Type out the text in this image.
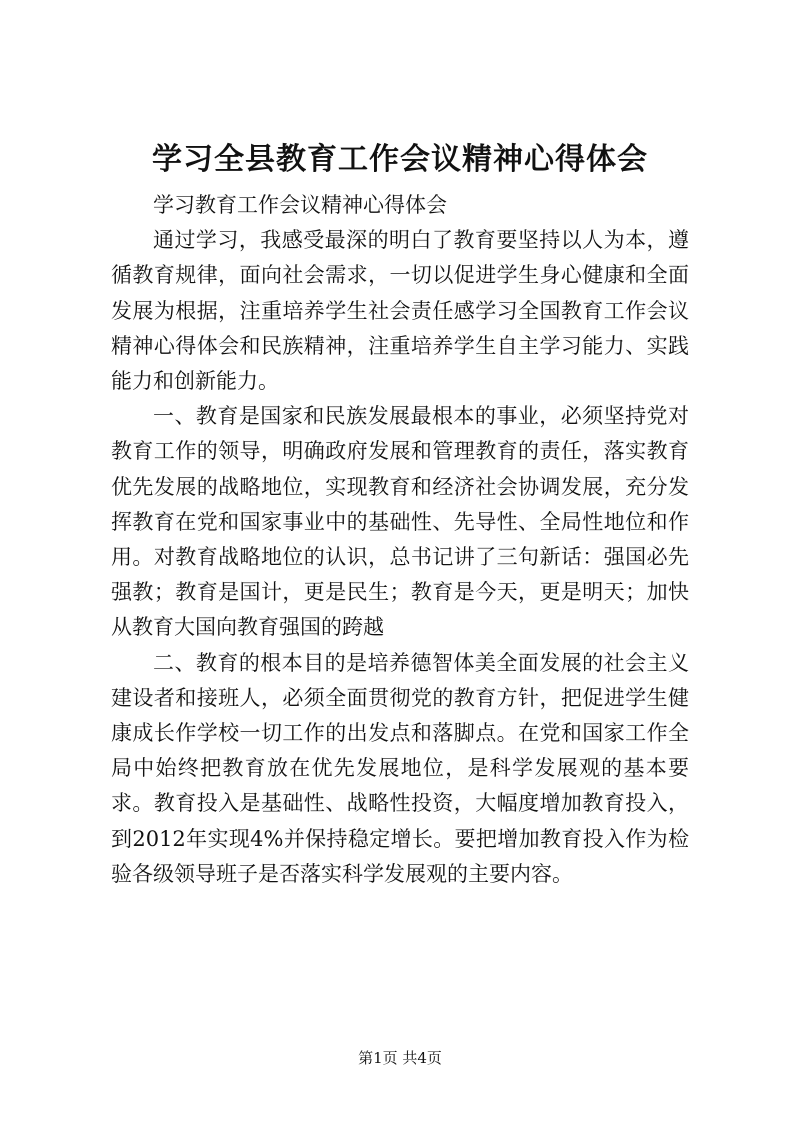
学习全县教育工作会议精神心得体会

学习教育工作会议精神心得体会

通过学习，我感受最深的明白了教育要坚持以人为本，遵循教育规律，面向社会需求，一切以促进学生身心健康和全面发展为根据，注重培养学生社会责任感学习全国教育工作会议精神心得体会和民族精神，注重培养学生自主学习能力、实践能力和创新能力。

一、教育是国家和民族发展最根本的事业，必须坚持党对教育工作的领导，明确政府发展和管理教育的责任，落实教育优先发展的战略地位，实现教育和经济社会协调发展，充分发挥教育在党和国家事业中的基础性、先导性、全局性地位和作用。对教育战略地位的认识，总书记讲了三句新话：强国必先强教；教育是国计，更是民生；教育是今天，更是明天；加快从教育大国向教育强国的跨越

二、教育的根本目的是培养德智体美全面发展的社会主义建设者和接班人，必须全面贯彻党的教育方针，把促进学生健康成长作学校一切工作的出发点和落脚点。在党和国家工作全局中始终把教育放在优先发展地位，是科学发展观的基本要求。教育投入是基础性、战略性投资，大幅度增加教育投入，到2012年实现4%并保持稳定增长。要把增加教育投入作为检验各级领导班子是否落实科学发展观的主要内容。

第1页 共4页
